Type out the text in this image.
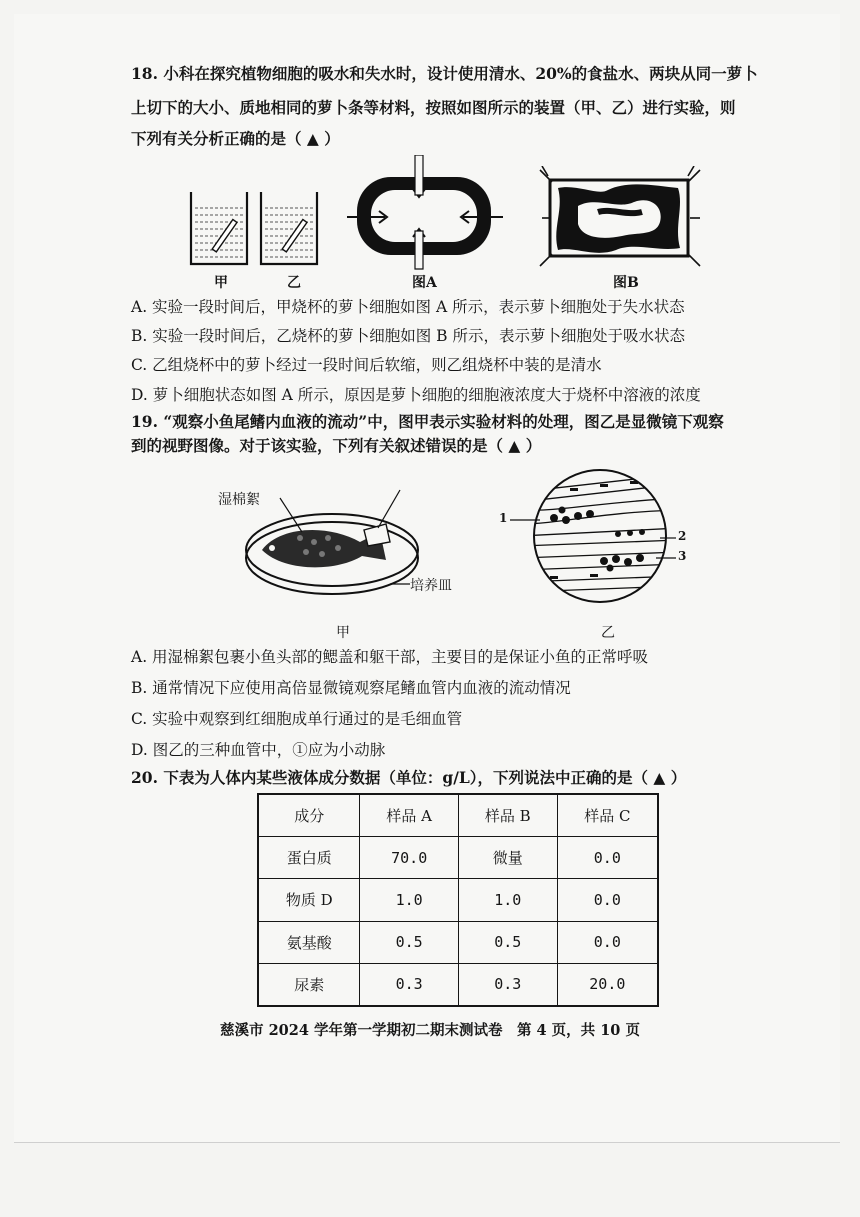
18. 小科在探究植物细胞的吸水和失水时，设计使用清水、20%的食盐水、两块从同一萝卜
上切下的大小、质地相同的萝卜条等材料，按照如图所示的装置（甲、乙）进行实验，则
下列有关分析正确的是（ ▲ ）
甲	乙	图A	图B
A. 实验一段时间后，甲烧杯的萝卜细胞如图 A 所示，表示萝卜细胞处于失水状态
B. 实验一段时间后，乙烧杯的萝卜细胞如图 B 所示，表示萝卜细胞处于吸水状态
C. 乙组烧杯中的萝卜经过一段时间后软缩，则乙组烧杯中装的是清水
D. 萝卜细胞状态如图 A 所示，原因是萝卜细胞的细胞液浓度大于烧杯中溶液的浓度
19. “观察小鱼尾鳍内血液的流动”中，图甲表示实验材料的处理，图乙是显微镜下观察
到的视野图像。对于该实验，下列有关叙述错误的是（ ▲ ）
湿棉絮
培养皿
甲
1
2
3
乙
A. 用湿棉絮包裹小鱼头部的鳃盖和躯干部，主要目的是保证小鱼的正常呼吸
B. 通常情况下应使用高倍显微镜观察尾鳍血管内血液的流动情况
C. 实验中观察到红细胞成单行通过的是毛细血管
D. 图乙的三种血管中，①应为小动脉
20. 下表为人体内某些液体成分数据（单位：g/L），下列说法中正确的是（ ▲ ）
成分	样品 A	样品 B	样品 C
蛋白质	70.0	微量	0.0
物质 D	1.0	1.0	0.0
氨基酸	0.5	0.5	0.0
尿素	0.3	0.3	20.0
慈溪市 2024 学年第一学期初二期末测试卷　第 4 页，共 10 页
